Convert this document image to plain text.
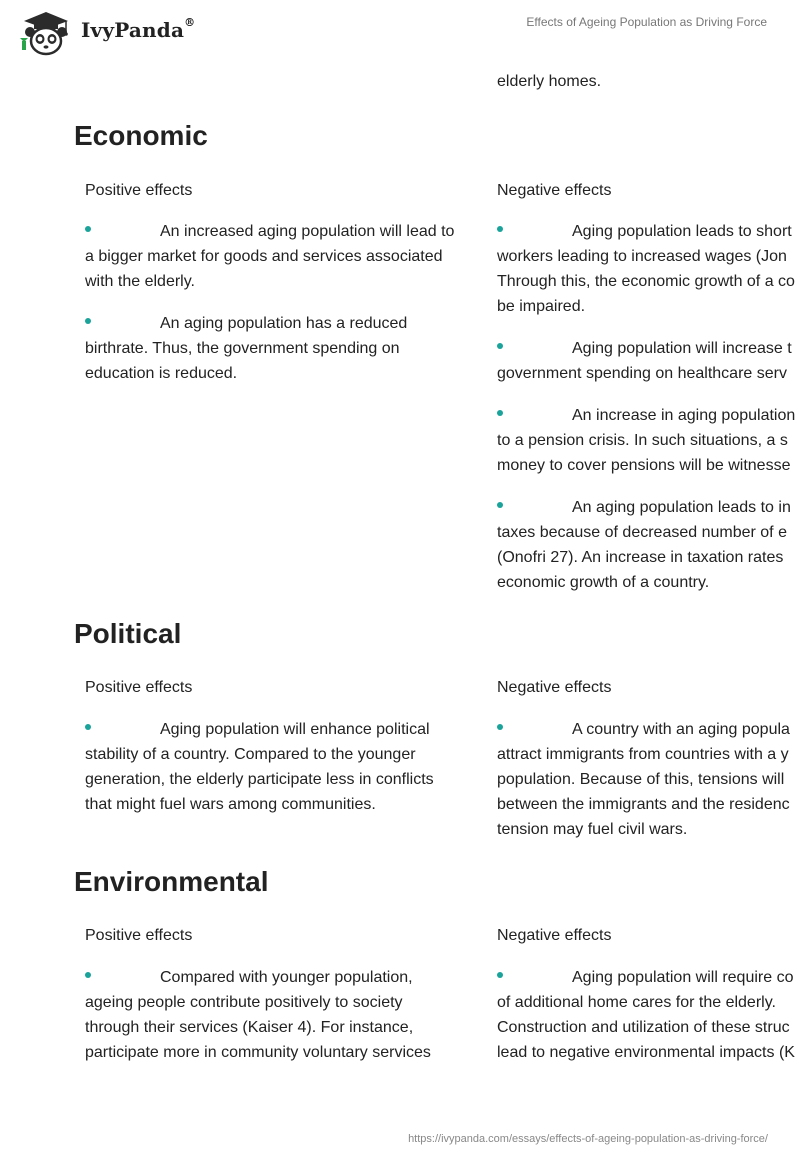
IvyPanda®	Effects of Ageing Population as Driving Force
elderly homes.
Economic
Positive effects	Negative effects
An increased aging population will lead to
a bigger market for goods and services associated
with the elderly.
An aging population has a reduced
birthrate. Thus, the government spending on
education is reduced.
Aging population leads to short
workers leading to increased wages (Jon
Through this, the economic growth of a co
be impaired.
Aging population will increase t
government spending on healthcare serv
An increase in aging population
to a pension crisis. In such situations, a s
money to cover pensions will be witnesse
An aging population leads to in
taxes because of decreased number of e
(Onofri 27). An increase in taxation rates
economic growth of a country.
Political
Positive effects	Negative effects
Aging population will enhance political
stability of a country. Compared to the younger
generation, the elderly participate less in conflicts
that might fuel wars among communities.
A country with an aging popula
attract immigrants from countries with a y
population. Because of this, tensions will
between the immigrants and the residenc
tension may fuel civil wars.
Environmental
Positive effects	Negative effects
Compared with younger population,
ageing people contribute positively to society
through their services (Kaiser 4). For instance,
participate more in community voluntary services
Aging population will require co
of additional home cares for the elderly.
Construction and utilization of these struc
lead to negative environmental impacts (K
https://ivypanda.com/essays/effects-of-ageing-population-as-driving-force/
